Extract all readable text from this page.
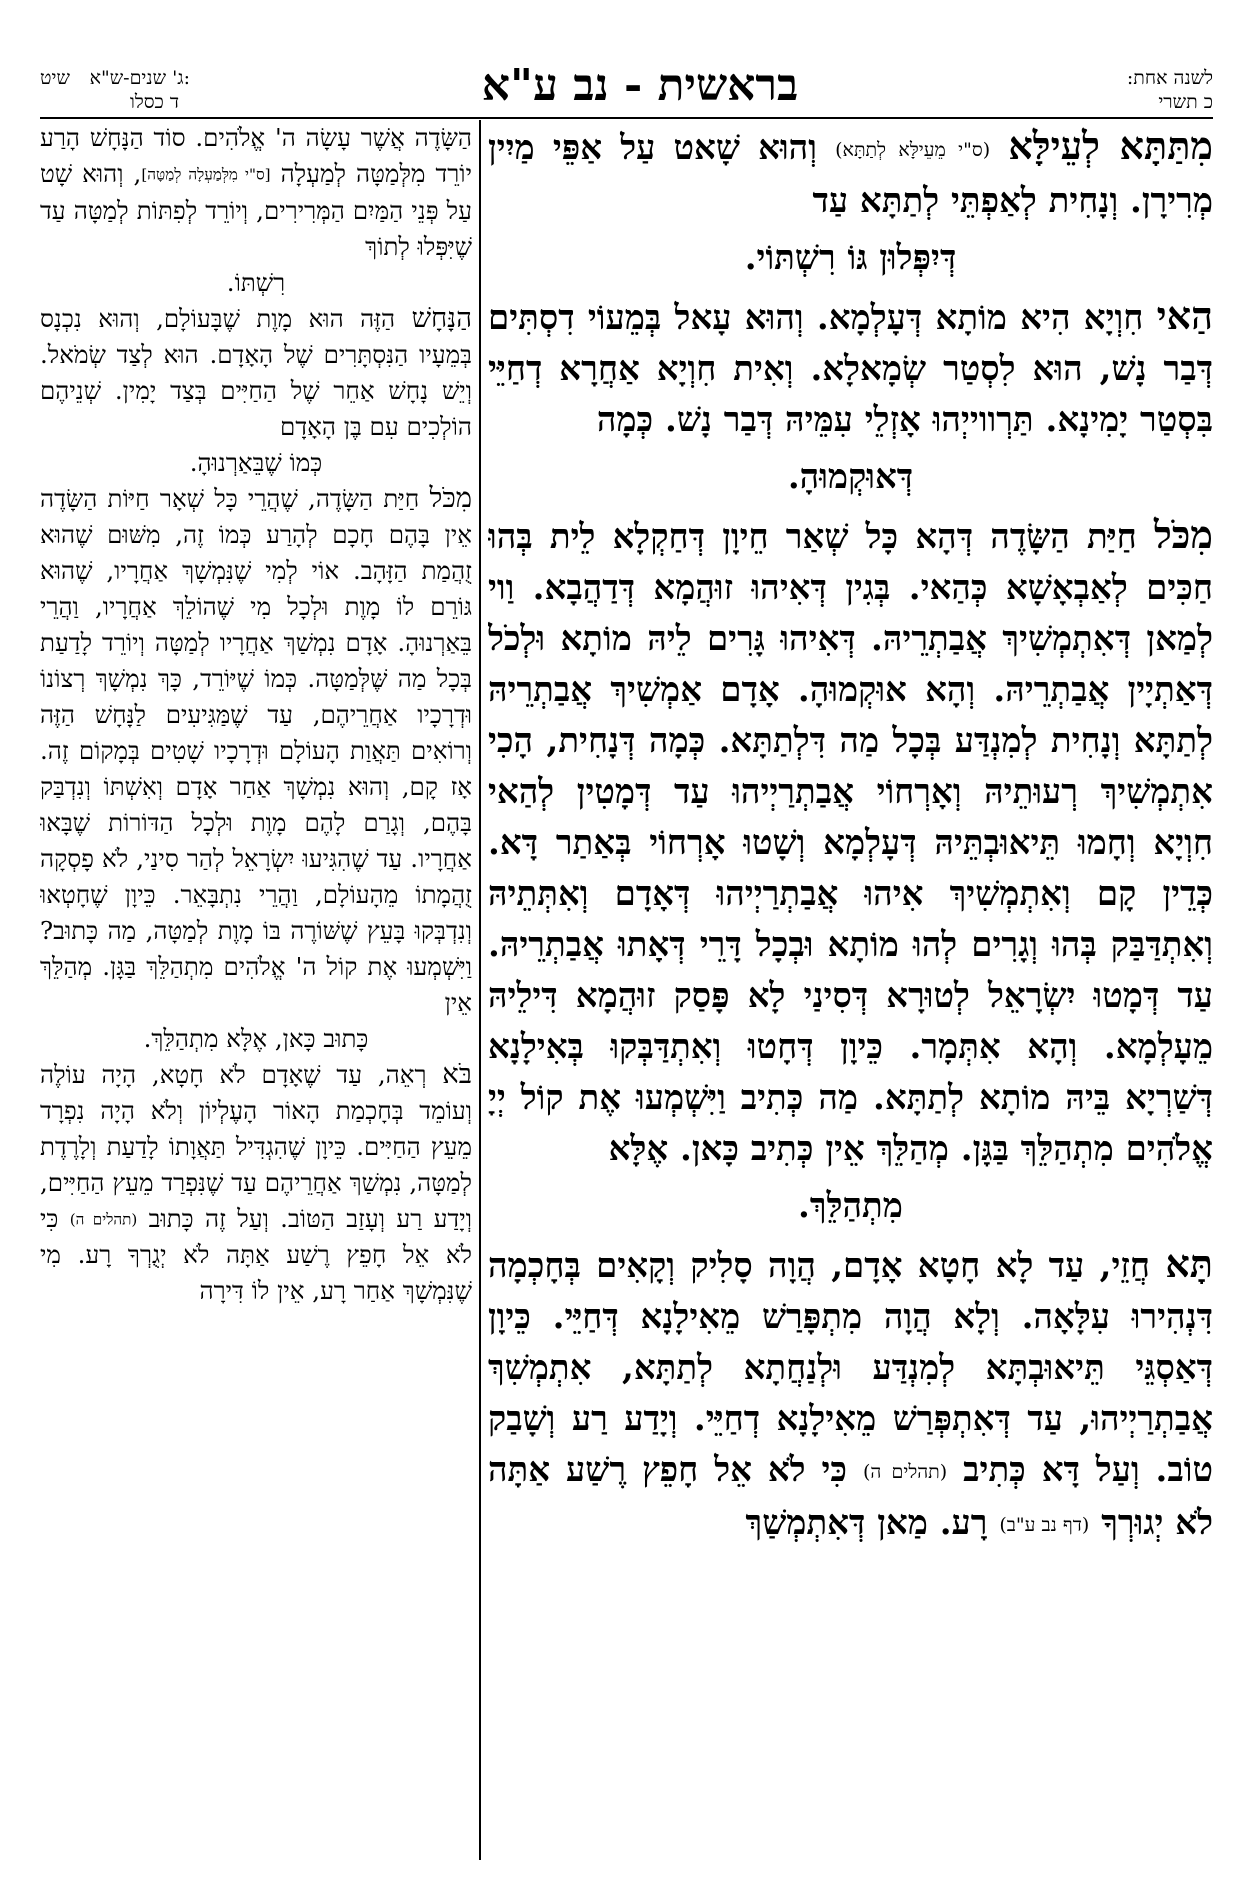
שיט ג' שנים-ש"א:
ד כסלו	בראשית - נב ע"א	לשנה אחת:
כ תשרי

מִתַּתָּא לְעֵילָּא (ס"י מֵעֵילָּא לְתַתָּא) וְהוּא שָׁאט עַל אַפֵּי מַיִין מְרִירָן. וְנָחִית לְאַפְתֵּי לְתַתָּא עַד

דְּיִפְּלוּן גּוֹ רִשְׁתּוֹי.

הַאי חִוְיָא הִיא מוֹתָא דְּעָלְמָא. וְהוּא עָאל בְּמֵעוֹי דִסְתִּים דְּבַר נָשׁ, הוּא לִסְטַר שְׂמָאלָא. וְאִית חִוְיָא אַחֲרָא דְחַיֵּי בִּסְטַר יָמִינָא. תַּרְווייְהוּ אָזְלֵי עִמֵּיהּ דְּבַר נָשׁ. כְּמָה

דְּאוּקְמוּהָ.

מִכֹּל חַיַּת הַשָּׂדֶה דְּהָא כָּל שְׁאַר חֵיוָן דְּחַקְלָא לֵית בְּהוּ חַכִּים לְאַבְאָשָׁא כְּהַאי. בְּגִין דְּאִיהוּ זוּהֲמָא דְּדַהֲבָא. וַוי לְמַאן דְּאִתְמְשִׁיךְ אֲבַתְרֵיהּ. דְּאִיהוּ גָּרִים לֵיהּ מוֹתָא וּלְכֹל דְּאַתְיָין אֲבַתְרֵיהּ. וְהָא אוּקְמוּהָ. אָדָם אַמְשִׁיךְ אֲבַתְרֵיהּ לְתַתָּא וְנָחִית לְמִנְדַּע בְּכָל מַה דִּלְתַתָּא. כְּמָה דְּנָחִית, הָכִי אִתְמְשִׁיךְ רְעוּתֵיהּ וְאָרְחוֹי אֲבַתְרַיְיהוּ עַד דְּמָטִין לְהַאי חִוְיָא וְחָמוּ תֵּיאוּבְתֵּיהּ דְּעָלְמָא וְשָׁטוּ אָרְחוֹי בְּאַתַר דָּא. כְּדֵין קָם וְאִתְמְשִׁיךְ אִיהוּ אֲבַתְרַיְיהוּ דְּאָדָם וְאִתְּתֵיהּ וְאִתְדַּבַּק בְּהוּ וְגָרִים לְהוּ מוֹתָא וּבְכָל דָּרֵי דְּאָתוּ אֲבַתְרֵיהּ. עַד דְּמָטוּ יִשְׂרָאֵל לְטוּרָא דְּסִינַי לָא פָּסַק זוּהֲמָא דִּילֵיהּ מֵעָלְמָא. וְהָא אִתְּמָר. כֵּיוָן דְּחָטוּ וְאִתְדַּבְּקוּ בְּאִילָנָא דְּשַׁרְיָא בֵּיהּ מוֹתָא לְתַתָּא. מַה כְּתִיב וַיִּשְׁמְעוּ אֶת קוֹל יְיָ אֱלֹהִים מִתְהַלֵּךְ בַּגָּן. מְהַלֵּךְ אֵין כְּתִיב כָּאן. אֶלָּא

מִתְהַלֵּךְ.

תָּא חֲזֵי, עַד לָא חָטָא אָדָם, הֲוָה סָלִיק וְקָאִים בְּחָכְמָה דִּנְהִירוּ עִלָּאָה. וְלָא הֲוָה מִתְפָּרַשׁ מֵאִילָנָא דְּחַיֵּי. כֵּיוָן דְּאַסְגֵּי תֵּיאוּבְתָּא לְמִנְדַּע וּלְנַחֲתָא לְתַתָּא, אִתְמְשִׁךְ אֲבַתְרַיְיהוּ, עַד דְּאִתְפְּרַשׁ מֵאִילָנָא דְחַיֵּי. וְיָדַע רַע וְשָׁבַק טוֹב. וְעַל דָּא כְּתִיב (תהלים ה) כִּי לֹא אֵל חָפֵץ רֶשַׁע אַתָּה לֹא יְגוּרְךָ (דף נב ע"ב) רָע. מַאן דְּאִתְמְשַׁךְ

הַשָּׂדֶה אֲשֶׁר עָשָׂה ה' אֱלֹהִים. סוֹד הַנָּחָשׁ הָרַע יוֹרֵד מִלְּמַטָּה לְמַעְלָה [ס"י מִלְּמַעְלָה לְמַטָּה], וְהוּא שָׁט עַל פְּנֵי הַמַּיִם הַמְּרִירִים, וְיוֹרֵד לְפִתּוֹת לְמַטָּה עַד שֶׁיִּפְּלוּ לְתוֹךְ

רִשְׁתּוֹ.

הַנָּחָשׁ הַזֶּה הוּא מָוֶת שֶׁבָּעוֹלָם, וְהוּא נִכְנָס בְּמֵעָיו הַנִּסְתָּרִים שֶׁל הָאָדָם. הוּא לְצַד שְׂמֹאל. וְיֵשׁ נָחָשׁ אַחֵר שֶׁל הַחַיִּים בְּצַד יָמִין. שְׁנֵיהֶם הוֹלְכִים עִם בֶּן הָאָדָם

כְּמוֹ שֶׁבֵּאַרְנוּהָ.

מִכֹּל חַיַּת הַשָּׂדֶה, שֶׁהֲרֵי כָּל שְׁאָר חַיּוֹת הַשָּׂדֶה אֵין בָּהֶם חָכָם לְהָרַע כְּמוֹ זֶה, מִשּׁוּם שֶׁהוּא זֻהֲמַת הַזָּהָב. אוֹי לְמִי שֶׁנִּמְשָׁךְ אַחֲרָיו, שֶׁהוּא גּוֹרֵם לוֹ מָוֶת וּלְכָל מִי שֶׁהוֹלֵךְ אַחֲרָיו, וַהֲרֵי בֵּאַרְנוּהָ. אָדָם נִמְשַׁךְ אַחֲרָיו לְמַטָּה וְיוֹרֵד לָדַעַת בְּכָל מַה שֶּׁלְּמַטָּה. כְּמוֹ שֶׁיּוֹרֵד, כָּךְ נִמְשָׁךְ רְצוֹנוֹ וּדְרָכָיו אַחֲרֵיהֶם, עַד שֶׁמַּגִּיעִים לַנָּחָשׁ הַזֶּה וְרוֹאִים תַּאֲוַת הָעוֹלָם וּדְרָכָיו שָׁטִים בְּמָקוֹם זֶה. אָז קָם, וְהוּא נִמְשָׁךְ אַחַר אָדָם וְאִשְׁתּוֹ וְנִדְבַּק בָּהֶם, וְגָרַם לָהֶם מָוֶת וּלְכָל הַדּוֹרוֹת שֶׁבָּאוּ אַחֲרָיו. עַד שֶׁהִגִּיעוּ יִשְׂרָאֵל לְהַר סִינַי, לֹא פָסְקָה זֻהֲמָתוֹ מֵהָעוֹלָם, וַהֲרֵי נִתְבָּאֵר. כֵּיוָן שֶׁחָטְאוּ וְנִדְבְּקוּ בָּעֵץ שֶׁשּׁוֹרֶה בּוֹ מָוֶת לְמַטָּה, מַה כָּתוּב? וַיִּשְׁמְעוּ אֶת קוֹל ה' אֱלֹהִים מִתְהַלֵּךְ בַּגָּן. מְהַלֵּךְ אֵין

כָּתוּב כָּאן, אֶלָּא מִתְהַלֵּךְ.

בֹּא רְאֵה, עַד שֶׁאָדָם לֹא חָטָא, הָיָה עוֹלֶה וְעוֹמֵד בְּחָכְמַת הָאוֹר הָעֶלְיוֹן וְלֹא הָיָה נִפְרָד מֵעֵץ הַחַיִּים. כֵּיוָן שֶׁהִגְדִּיל תַּאֲוָתוֹ לָדַעַת וְלָרֶדֶת לְמַטָּה, נִמְשַׁךְ אַחֲרֵיהֶם עַד שֶׁנִּפְרַד מֵעֵץ הַחַיִּים, וְיָדַע רַע וְעָזַב הַטּוֹב. וְעַל זֶה כָּתוּב (תהלים ה) כִּי לֹא אֵל חָפֵץ רֶשַׁע אַתָּה לֹא יְגֻרְךָ רָע. מִי שֶׁנִּמְשָׁךְ אַחַר רָע, אֵין לוֹ דִּירָה
